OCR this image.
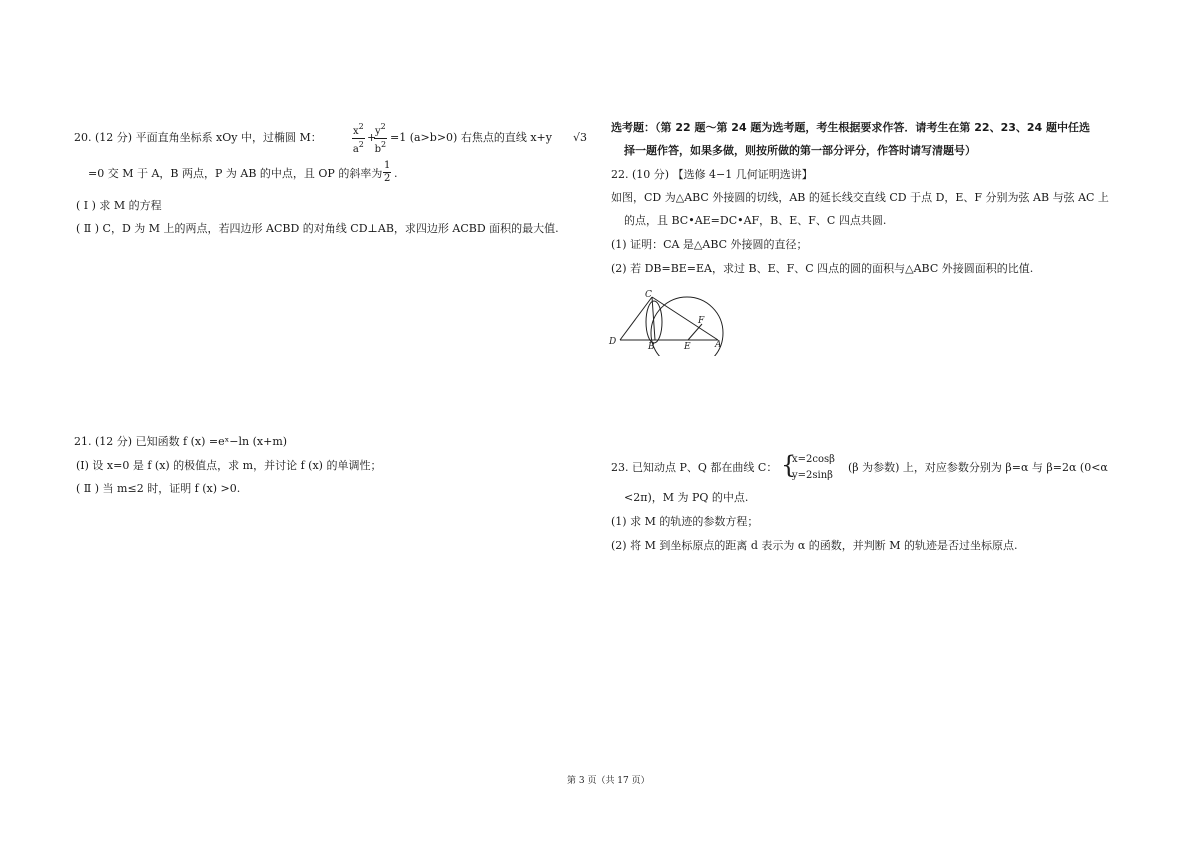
20. (12 分) 平面直角坐标系 xOy 中，过椭圆 M：	$\frac{x^2}{a^2}$ +
$\frac{y^2}{b^2} =1$ (a>b>0) 右焦点的直线 x+y √3
=0 交 M 于 A，B 两点，P 为 AB 的中点，且 OP 的斜率为 $\frac{1}{2}$ .
( Ⅰ ) 求 M 的方程
( Ⅱ ) C，D 为 M 上的两点，若四边形 ACBD 的对角线 CD⊥AB，求四边形 ACBD 面积的最大值.
21. (12 分) 已知函数 f (x) =eˣ−ln (x+m)
(Ⅰ) 设 x=0 是 f (x) 的极值点，求 m，并讨论 f (x) 的单调性；
( Ⅱ ) 当 m≤2 时，证明 f (x) >0.
选考题：（第 22 题～第 24 题为选考题，考生根据要求作答．请考生在第 22、23、24 题中任选
择一题作答，如果多做，则按所做的第一部分评分，作答时请写清题号）
22. (10 分) 【选修 4−1 几何证明选讲】
如图，CD 为△ABC 外接圆的切线，AB 的延长线交直线 CD 于点 D，E、F 分别为弦 AB 与弦 AC 上
的点，且 BC•AE=DC•AF，B、E、F、C 四点共圆.
(1) 证明：CA 是△ABC 外接圆的直径；
(2) 若 DB=BE=EA，求过 B、E、F、C 四点的圆的面积与△ABC 外接圆面积的比值.
C
D	B	E	A
F
23. 已知动点 P、Q 都在曲线 C： {
x=2cosβ
y=2sinβ
(β 为参数) 上，对应参数分别为 β=α 与 β=2α (0<α
<2π)，M 为 PQ 的中点.
(1) 求 M 的轨迹的参数方程；
(2) 将 M 到坐标原点的距离 d 表示为 α 的函数，并判断 M 的轨迹是否过坐标原点.
第 3 页（共 17 页）
